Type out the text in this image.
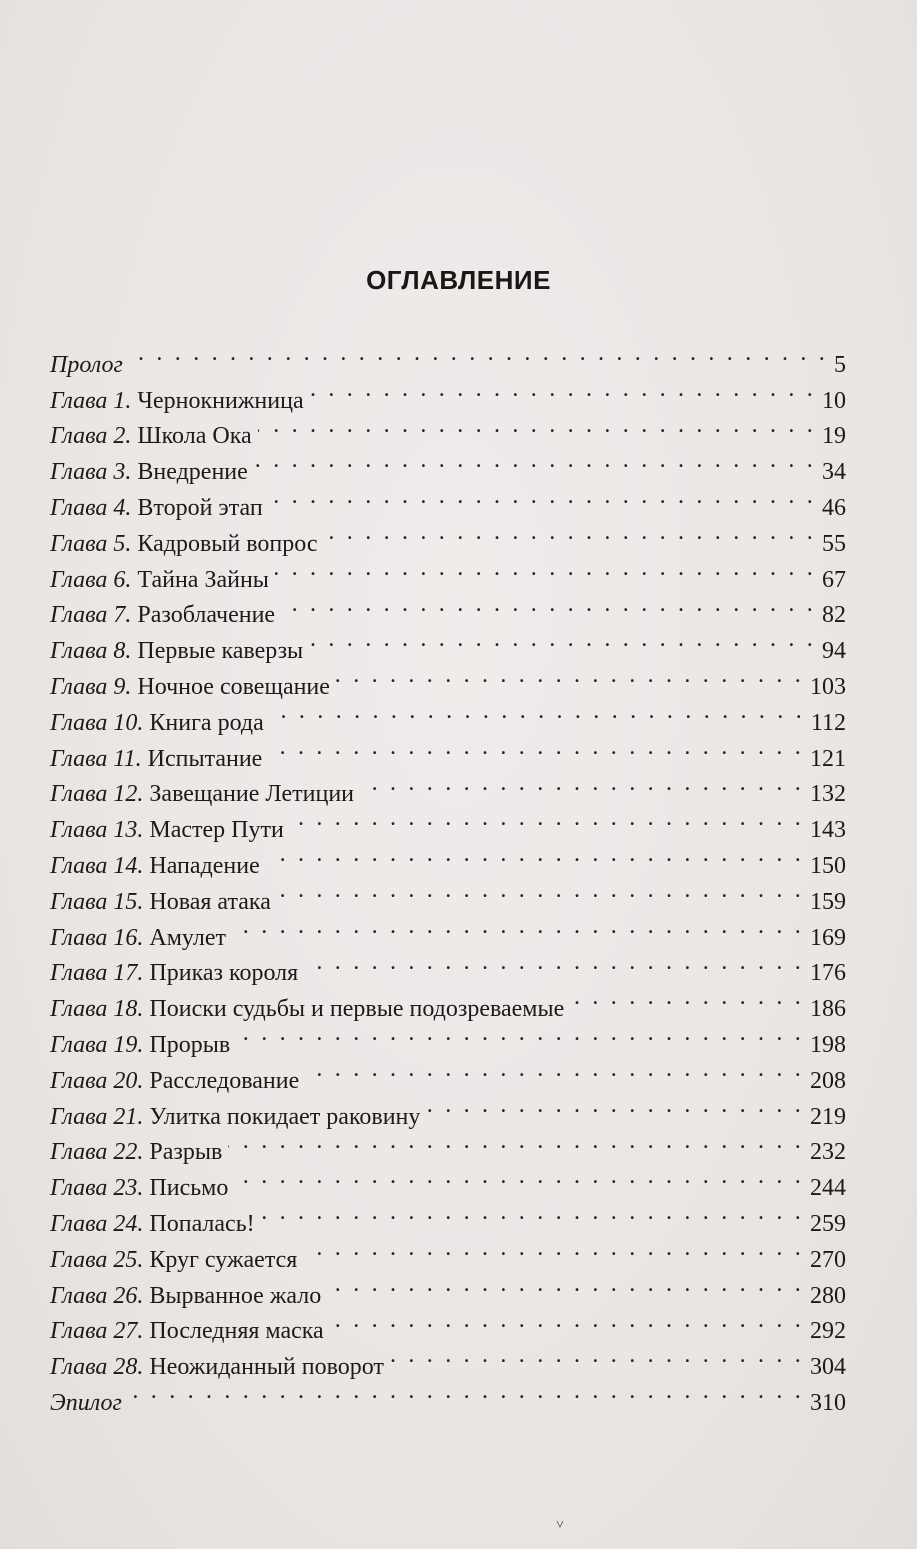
ОГЛАВЛЕНИЕ
Пролог . . .	5
Глава 1. Чернокнижница . . .	10
Глава 2. Школа Ока . . .	19
Глава 3. Внедрение . . .	34
Глава 4. Второй этап . . .	46
Глава 5. Кадровый вопрос . . .	55
Глава 6. Тайна Зайны . . .	67
Глава 7. Разоблачение . . .	82
Глава 8. Первые каверзы . . .	94
Глава 9. Ночное совещание . . .	103
Глава 10. Книга рода . . .	112
Глава 11. Испытание . . .	121
Глава 12. Завещание Летиции . . .	132
Глава 13. Мастер Пути . . .	143
Глава 14. Нападение . . .	150
Глава 15. Новая атака . . .	159
Глава 16. Амулет . . .	169
Глава 17. Приказ короля . . .	176
Глава 18. Поиски судьбы и первые подозреваемые . . .	186
Глава 19. Прорыв . . .	198
Глава 20. Расследование . . .	208
Глава 21. Улитка покидает раковину . . .	219
Глава 22. Разрыв . . .	232
Глава 23. Письмо . . .	244
Глава 24. Попалась! . . .	259
Глава 25. Круг сужается . . .	270
Глава 26. Вырванное жало . . .	280
Глава 27. Последняя маска . . .	292
Глава 28. Неожиданный поворот . . .	304
Эпилог . . .	310
˅
